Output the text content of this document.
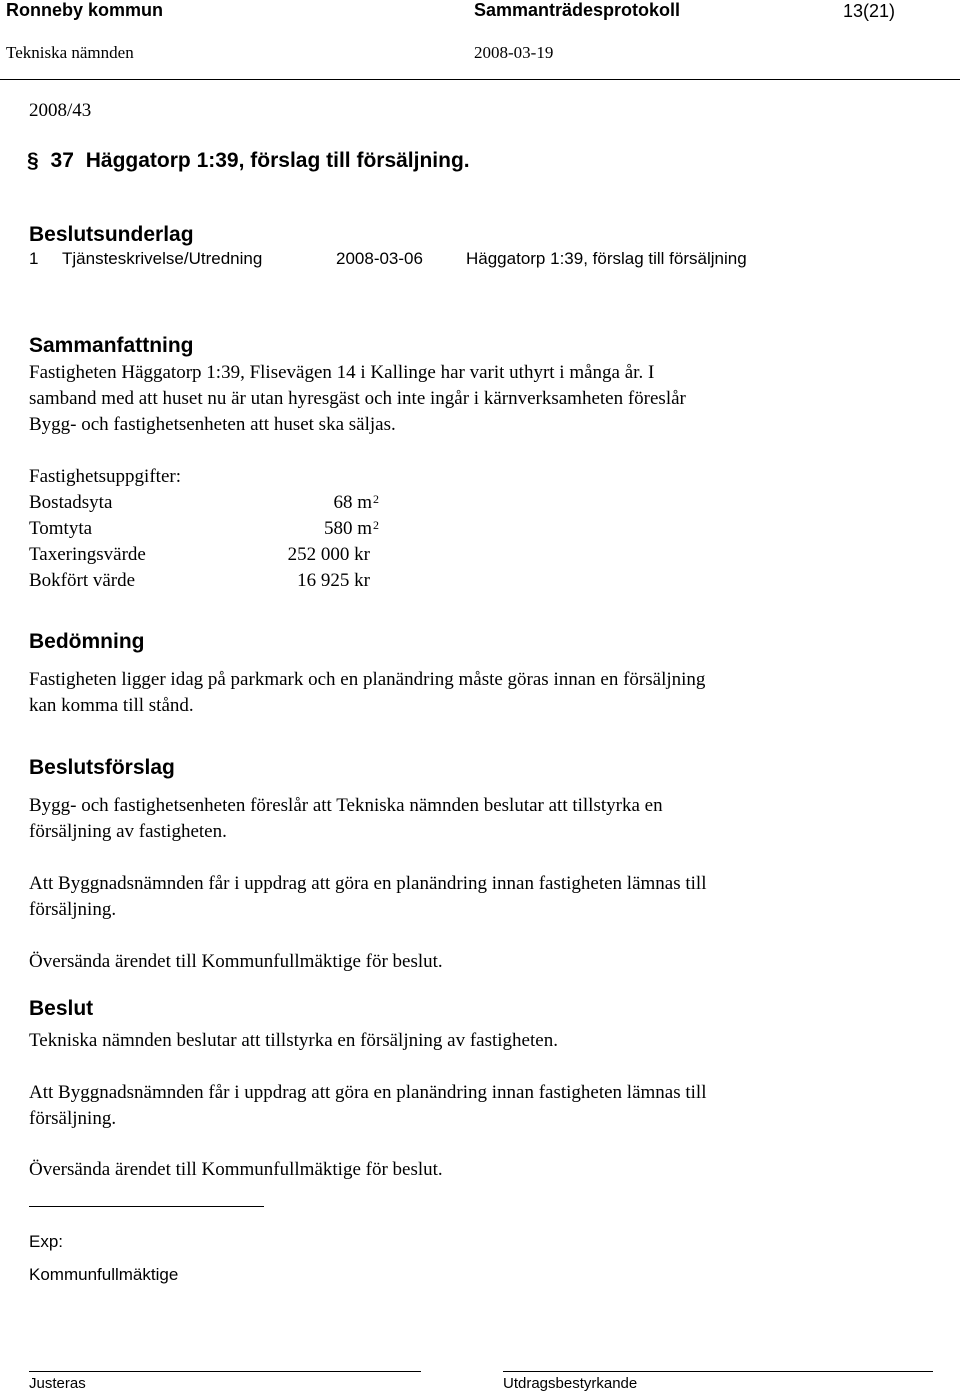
Ronneby kommun	Sammanträdesprotokoll	13(21)
Tekniska nämnden	2008-03-19
2008/43
§ 37 Häggatorp 1:39, förslag till försäljning.
Beslutsunderlag
1 Tjänsteskrivelse/Utredning	2008-03-06	Häggatorp 1:39, förslag till försäljning
Sammanfattning
Fastigheten Häggatorp 1:39, Flisevägen 14 i Kallinge har varit uthyrt i många år. I
samband med att huset nu är utan hyresgäst och inte ingår i kärnverksamheten föreslår
Bygg- och fastighetsenheten att huset ska säljas.
Fastighetsuppgifter:
Bostadsyta	68 $m^2$
Tomtyta	580 $m^2$
Taxeringsvärde	252 000 kr
Bokfört värde	16 925 kr
Bedömning
Fastigheten ligger idag på parkmark och en planändring måste göras innan en försäljning
kan komma till stånd.
Beslutsförslag
Bygg- och fastighetsenheten föreslår att Tekniska nämnden beslutar att tillstyrka en
försäljning av fastigheten.
Att Byggnadsnämnden får i uppdrag att göra en planändring innan fastigheten lämnas till
försäljning.
Översända ärendet till Kommunfullmäktige för beslut.
Beslut
Tekniska nämnden beslutar att tillstyrka en försäljning av fastigheten.
Att Byggnadsnämnden får i uppdrag att göra en planändring innan fastigheten lämnas till
försäljning.
Översända ärendet till Kommunfullmäktige för beslut.
Exp:
Kommunfullmäktige
Justeras	Utdragsbestyrkande
